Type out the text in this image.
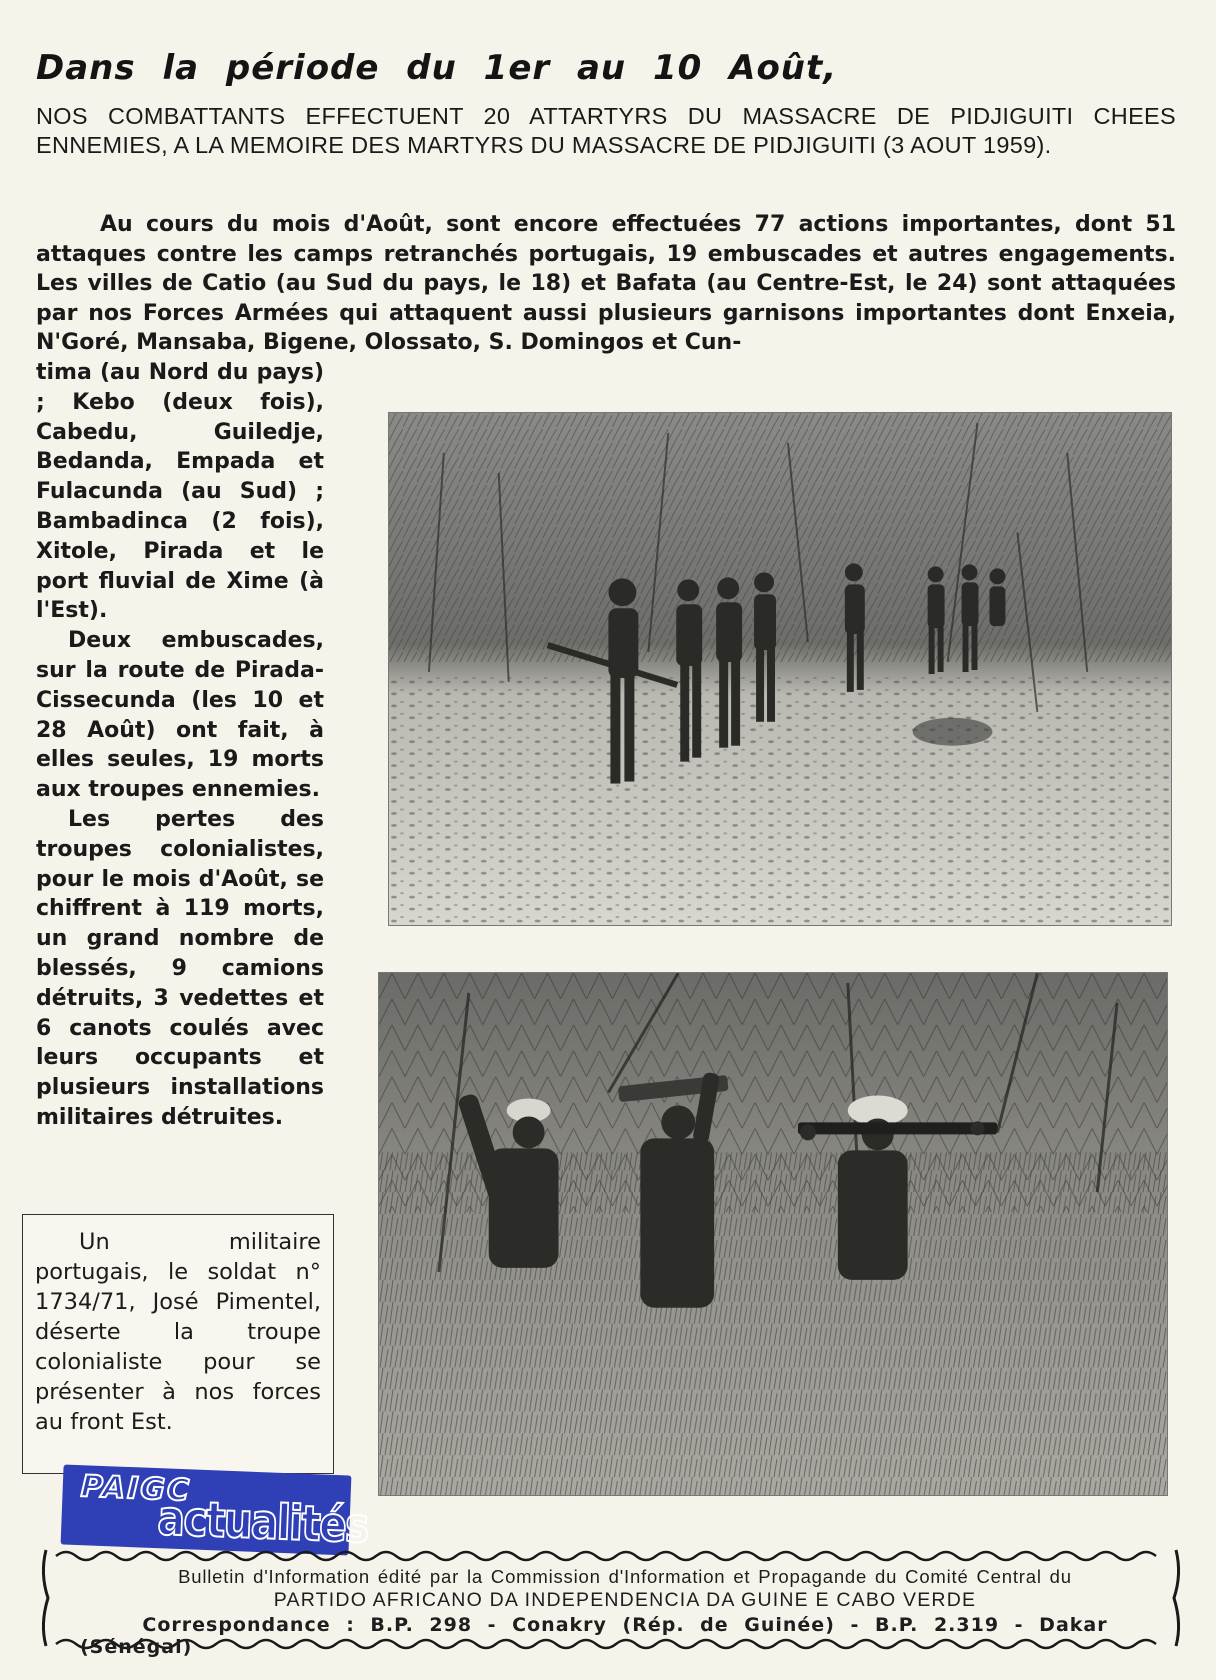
Dans la période du 1er au 10 Août,
NOS COMBATTANTS EFFECTUENT 20 ATTARTYRS DU MASSACRE DE PIDJIGUITI CHEES ENNEMIES, A LA MEMOIRE DES MARTYRS DU MASSACRE DE PIDJIGUITI (3 AOUT 1959).
Au cours du mois d'Août, sont encore effectuées 77 actions importantes, dont 51 attaques contre les camps retranchés portugais, 19 embuscades et autres engagements. Les villes de Catio (au Sud du pays, le 18) et Bafata (au Centre-Est, le 24) sont attaquées par nos Forces Armées qui attaquent aussi plusieurs garnisons importantes dont Enxeia, N'Goré, Mansaba, Bigene, Olossato, S. Domingos et Cun-

tima (au Nord du pays) ; Kebo (deux fois), Cabedu, Guiledje, Bedanda, Empada et Fulacunda (au Sud) ; Bambadinca (2 fois), Xitole, Pirada et le port fluvial de Xime (à l'Est).

Deux embuscades, sur la route de Pirada-Cissecunda (les 10 et 28 Août) ont fait, à elles seules, 19 morts aux troupes ennemies.

Les pertes des troupes colonialistes, pour le mois d'Août, se chiffrent à 119 morts, un grand nombre de blessés, 9 camions détruits, 3 vedettes et 6 canots coulés avec leurs occupants et plusieurs installations militaires détruites.

Un militaire portugais, le soldat n° 1734/71, José Pimentel, déserte la troupe colonialiste pour se présenter à nos forces au front Est.
PAIGC
actualités
Bulletin d'Information édité par la Commission d'Information et Propagande du Comité Central du
PARTIDO AFRICANO DA INDEPENDENCIA DA GUINE E CABO VERDE
Correspondance : B.P. 298 - Conakry (Rép. de Guinée) - B.P. 2.319 - Dakar (Sénégal)
